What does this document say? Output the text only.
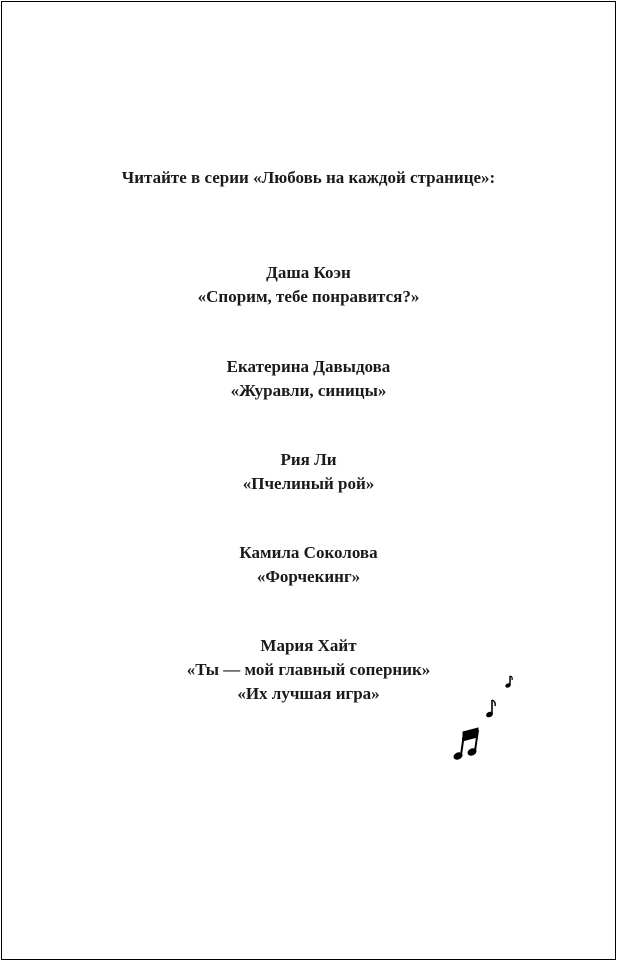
Читайте в серии «Любовь на каждой странице»:
Даша Коэн
«Спорим, тебе понравится?»
Екатерина Давыдова
«Журавли, синицы»
Рия Ли
«Пчелиный рой»
Камила Соколова
«Форчекинг»
Мария Хайт
«Ты — мой главный соперник»
«Их лучшая игра»
